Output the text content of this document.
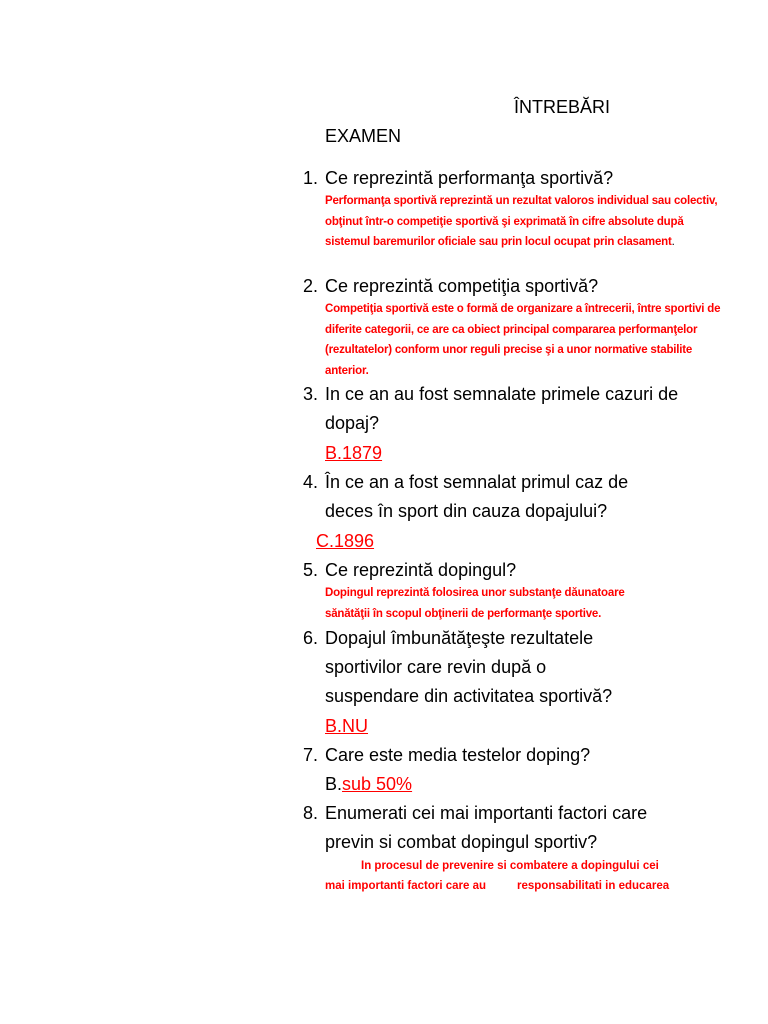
ÎNTREBĂRI
EXAMEN
1. Ce reprezintă performanţa sportivă?
Performanţa sportivă reprezintă un rezultat valoros individual sau colectiv, obţinut într-o competiţie sportivă şi exprimată în cifre absolute după sistemul baremurilor oficiale sau prin locul ocupat prin clasament.
2. Ce reprezintă competiţia sportivă?
Competiţia sportivă este o formă de organizare a întrecerii, între sportivi de diferite categorii, ce are ca obiect principal compararea performanţelor (rezultatelor) conform unor reguli precise şi a unor normative stabilite anterior.
3. In ce an au fost semnalate primele cazuri de dopaj?
B.1879
4. În ce an a fost semnalat primul caz de deces în sport din cauza dopajului?
C.1896
5. Ce reprezintă dopingul?
Dopingul reprezintă folosirea unor substanţe dăunatoare sănătăţii în scopul obţinerii de performanţe sportive.
6. Dopajul îmbunătăţeşte rezultatele sportivilor care revin după o suspendare din activitatea sportivă?
B.NU
7. Care este media testelor doping?
B.sub 50%
8. Enumerati cei mai importanti factori care previn si combat dopingul sportiv?
In procesul de prevenire si combatere a dopingului cei
mai importanti factori care au	responsabilitati in educarea
